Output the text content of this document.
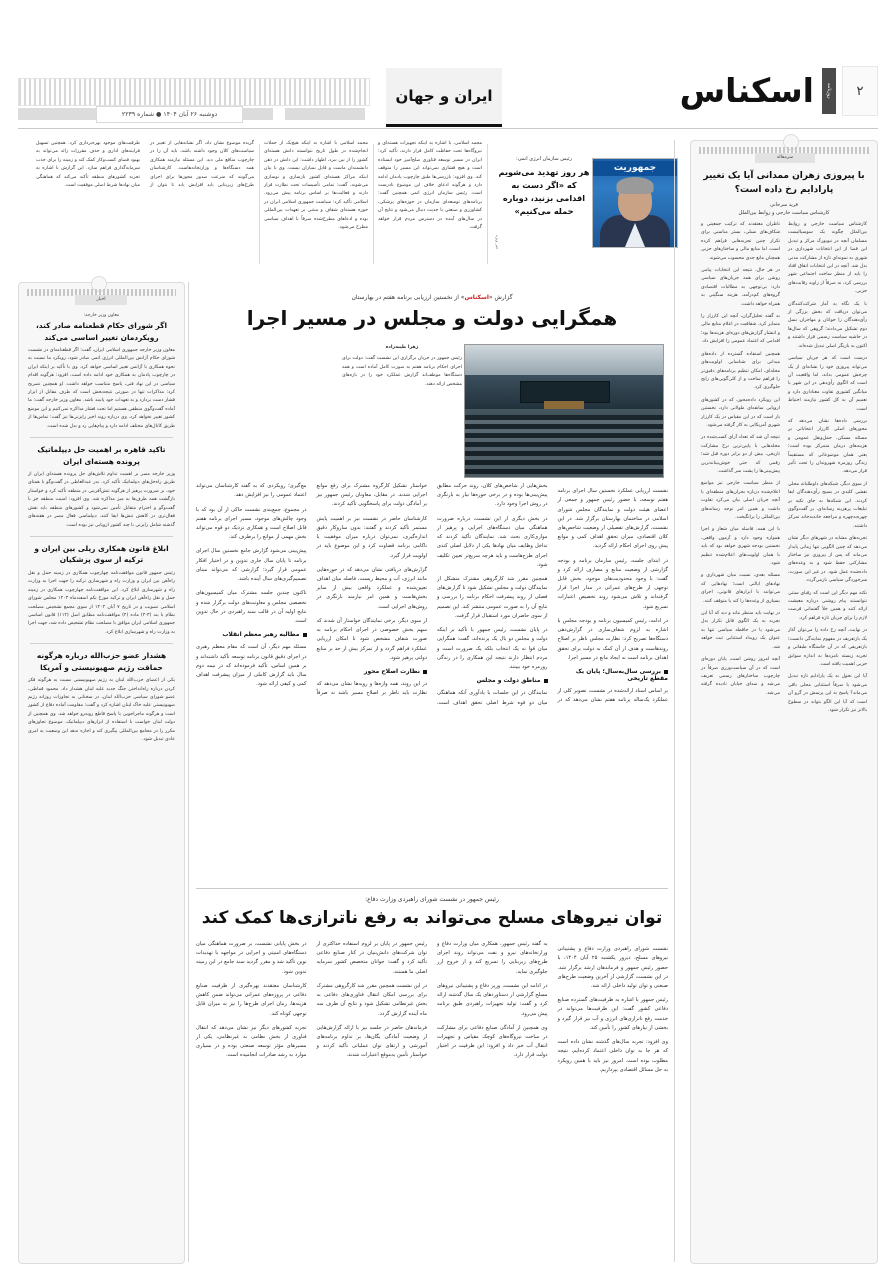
دوشنبه ۲۶ آبان ۱۴۰۴ ● شماره ۲۲۳۹
ایران و جهان	۲
روزنامه
اسکناس
جمهوریت
رئیس سازمان انرژی اتمی:
هر روز تهدید می‌شویم که «اگر دست به اقدامی بزنید، دوباره حمله می‌کنیم»
خبر ویژه
محمد اسلامی، با اشاره به اینکه تجهیزات هسته‌ای و نیروگاه‌ها تحت حفاظت کامل قرار دارند، تأکید کرد: ایران در مسیر توسعه فناوری صلح‌آمیز خود ایستاده است و هیچ فشاری نمی‌تواند این مسیر را متوقف کند. وی افزود: بازرسی‌ها طبق چارچوب پادمان ادامه دارد و هرگونه ادعای خلاف این موضوع نادرست است. رئیس سازمان انرژی اتمی همچنین گفت: برنامه‌های توسعه‌ای سازمان در حوزه‌های پزشکی، کشاورزی و صنعتی با جدیت دنبال می‌شود و نتایج آن در سال‌های آینده در دسترس مردم قرار خواهد گرفت.
محمد اسلامی با اشاره به اینکه هیچ‌یک از حملات انجام‌شده در طول تاریخ نتوانسته دانش هسته‌ای کشور را از بین ببرد، اظهار داشت: این دانش در ذهن دانشمندان ماست و قابل بمباران نیست. وی با بیان اینکه مراکز هسته‌ای کشور بازسازی و نوسازی می‌شوند، گفت: تمامی تأسیسات تحت نظارت قرار دارند و فعالیت‌ها بر اساس برنامه پیش می‌رود. اسلامی تأکید کرد: سیاست جمهوری اسلامی ایران در حوزه هسته‌ای شفاف و مبتنی بر تعهدات بین‌المللی بوده و ادعاهای مطرح‌شده صرفاً با اهداف سیاسی مطرح می‌شود.
گزیده موضوع نشان داد، اگر نشانه‌هایی از تغییر در سیاست‌های کلان وجود داشته باشد، باید آن را در چارچوب منافع ملی دید. این مسئله نیازمند همکاری همه دستگاه‌ها و وزارتخانه‌هاست. کارشناسان می‌گویند که سرعت صدور مجوزها برای اجرای طرح‌های زیربنایی باید افزایش یابد تا بتوان از ظرفیت‌های موجود بهره‌برداری کرد. همچنین تسهیل فرایندهای اداری و حذف مقررات زائد می‌تواند به بهبود فضای کسب‌وکار کمک کند و زمینه را برای جذب سرمایه‌گذاری فراهم سازد. این گزارش با اشاره به تجربه کشورهای منطقه تأکید می‌کند که هماهنگی میان نهادها شرط اصلی موفقیت است.
سرمقاله
با پیروزی زهران ممدانی آیا یک تغییر پارادایم رخ داده است؟
فرید سرجانی
کارشناس سیاست خارجی و روابط بین‌الملل

کارشناس سیاست خارجی و روابط بین‌الملل چگونه یک سوسیالیست مسلمان آنچه در نیویورک مرکز و تبدیل این فضا از این انتخابات شهرداری در شهری به نمونه‌ای تازه از مشارکت مدنی بدل شد. آنچه در این انتخابات اتفاق افتاد را باید از منظر ساخت اجتماعی شهر بررسی کرد، نه صرفاً از زاویه رقابت‌های حزبی.

با یک نگاه به آمار شرکت‌کنندگان می‌توان دریافت که بخش بزرگی از رأی‌دهندگان را جوانان و مهاجران نسل دوم تشکیل می‌دادند؛ گروهی که سال‌ها در حاشیه سیاست رسمی قرار داشتند و اکنون به بازیگر اصلی تبدیل شده‌اند.

درست است که هر جریان سیاسی می‌تواند پیروزی خود را نشانه‌ای از یک چرخش عمومی بداند، اما واقعیت آن است که الگوی رأی‌دهی در این شهر با میانگین کشوری تفاوت معناداری دارد و تعمیم آن به کل کشور نیازمند احتیاط است.

بررسی داده‌ها نشان می‌دهد که محورهای اصلی کارزار انتخاباتی بر مسئله مسکن، حمل‌ونقل عمومی و هزینه‌های درمان متمرکز بوده است؛ یعنی همان موضوعاتی که مستقیماً زندگی روزمره شهروندان را تحت تأثیر قرار می‌دهد.

از سوی دیگر، شبکه‌های داوطلبانه محلی نقشی کلیدی در بسیج رأی‌دهندگان ایفا کردند. این شبکه‌ها به جای تکیه بر تبلیغات پرهزینه رسانه‌ای، بر گفت‌وگوی چهره‌به‌چهره و مراجعه خانه‌به‌خانه تمرکز داشتند.

تجربه‌های مشابه در شهرهای دیگر نشان می‌دهد که چنین الگویی تنها زمانی پایدار می‌ماند که پس از پیروزی نیز ساختار مشارکتی حفظ شود و به وعده‌های داده‌شده عمل شود. در غیر این صورت، سرخوردگی سیاسی بازمی‌گردد.

نکته مهم دیگر این است که رقبای سنتی نتوانستند پیام روشنی درباره معیشت ارائه کنند و همین خلأ گفتمانی فرصت لازم را برای جریان تازه فراهم کرد.

در نهایت، آنچه رخ داده را می‌توان آغاز یک بازتعریف در مفهوم نمایندگی دانست؛ بازتعریفی که در آن خاستگاه طبقاتی و تجربه زیسته نامزدها به اندازه سوابق حزبی اهمیت یافته است.

آیا این تحول به یک پارادایم تازه تبدیل می‌شود یا صرفاً استثنایی محلی باقی می‌ماند؟ پاسخ به این پرسش در گرو آن است که آیا این الگو بتواند در سطوح بالاتر نیز تکرار شود.

ناظران معتقدند که ترکیب جمعیتی و شکاف‌های نسلی، بستر مناسبی برای تکرار چنین تجربه‌هایی فراهم کرده است، اما منابع مالی و ساختارهای حزبی همچنان مانع جدی محسوب می‌شوند.

در هر حال، نتیجه این انتخابات پیامی روشن برای همه جریان‌های سیاسی دارد: بی‌توجهی به مطالبات اقتصادی گروه‌های کم‌درآمد، هزینه سنگینی به همراه خواهد داشت.

به گفته تحلیل‌گران، آنچه این کارزار را متمایز کرد، شفافیت در اعلام منابع مالی و انتشار گزارش‌های دوره‌ای هزینه‌ها بود؛ اقدامی که اعتماد عمومی را افزایش داد.

همچنین استفاده گسترده از داده‌های میدانی برای شناسایی اولویت‌های محله‌ای، امکان تنظیم برنامه‌های دقیق‌تر را فراهم ساخت و از کلی‌گویی‌های رایج جلوگیری کرد.

این رویکرد داده‌محور، که در کشورهای اروپایی سابقه‌ای طولانی دارد، نخستین بار است که در این مقیاس در یک کارزار شهری آمریکایی به کار گرفته می‌شود.

نتیجه آن شد که تعداد آرای کسب‌شده در محله‌هایی با پایین‌ترین نرخ مشارکت تاریخی، بیش از دو برابر دوره قبل شد؛ رقمی که حتی خوش‌بینانه‌ترین پیش‌بینی‌ها را پشت سر گذاشت.

از منظر سیاست خارجی نیز مواضع اعلام‌شده درباره بحران‌های منطقه‌ای با آنچه جریان اصلی بیان می‌کرد تفاوت داشت و همین امر توجه رسانه‌های بین‌المللی را برانگیخت.

با این همه، فاصله میان شعار و اجرا همواره وجود دارد و آزمون واقعی، نخستین بودجه شهری خواهد بود که باید با همان اولویت‌های اعلام‌شده تنظیم شود.

مسئله بعدی، نسبت میان شهرداری و نهادهای ایالتی است؛ نهادهایی که می‌توانند با ابزارهای قانونی، اجرای بسیاری از وعده‌ها را کند یا متوقف کنند.

در نهایت باید منتظر ماند و دید که آیا این تجربه به یک الگوی قابل تکرار بدل می‌شود یا در حافظه سیاسی تنها به عنوان یک رویداد استثنایی ثبت خواهد شد.

آنچه امروز روشن است، پایان دوره‌ای است که در آن سیاست‌ورزی صرفاً در چارچوب ساختارهای رسمی تعریف می‌شد و صدای خیابان نادیده گرفته می‌شد.

اخبار
معاون وزیر خارجه:
اگر شورای حکام قطعنامه صادر کند، رویکردمان تغییر اساسی می‌کند
معاون وزیر خارجه جمهوری اسلامی ایران، گفت: اگر قطعنامه‌ای در نشست شورای حکام آژانس بین‌المللی انرژی اتمی صادر شود، رویکرد ما نسبت به نحوه همکاری با آژانس تغییر اساسی خواهد کرد. وی با تأکید بر اینکه ایران در چارچوب پادمان به همکاری خود ادامه داده است، افزود: هرگونه اقدام سیاسی در این نهاد فنی، پاسخ متناسب خواهد داشت. او همچنین تصریح کرد: مذاکرات تنها در صورتی نتیجه‌بخش است که طرف مقابل از ابزار فشار دست بردارد و به تعهدات خود پایبند باشد. معاون وزیر خارجه گفت: ما آماده گفت‌وگوی منطقی هستیم اما تحت فشار مذاکره نمی‌کنیم و این موضع کشور تغییر نخواهد کرد. وی درباره روند اخیر رایزنی‌ها نیز گفت: تماس‌ها از طریق کانال‌های مختلف ادامه دارد و پیام‌هایی رد و بدل شده است.
تاکید قاهره بر اهمیت حل دیپلماتیک پرونده هسته‌ای ایران
وزیر خارجه مصر بر اهمیت تداوم تلاش‌های حل پرونده هسته‌ای ایران از طریق راه‌حل‌های دیپلماتیک تأکید کرد. بدر عبدالعاطی در گفت‌وگو با همتای خود، بر ضرورت پرهیز از هرگونه تنش‌آفرینی در منطقه تأکید کرد و خواستار بازگشت همه طرف‌ها به میز مذاکره شد. وی افزود: امنیت منطقه جز با گفت‌وگو و احترام متقابل تأمین نمی‌شود و کشورهای منطقه باید نقش فعال‌تری در کاهش تنش‌ها ایفا کنند. دیپلماسی فعال مصر در هفته‌های گذشته شامل رایزنی با چند کشور اروپایی نیز بوده است.
ابلاغ قانون همکاری ریلی بین ایران و ترکیه از سوی پزشکیان
رئیس جمهور قانون موافقت‌نامه چهارچوب همکاری در زمینه حمل و نقل راه‌آهن بین ایران و وزارت راه و شهرسازی ترکیه را جهت اجرا به وزارت راه و شهرسازی ابلاغ کرد. این موافقت‌نامه چهارچوب همکاری در زمینه حمل و نقل راه‌آهن ایران و ترکیه مورخ یکم اسفندماه ۱۴۰۳ مجلس شورای اسلامی تصویب و در تاریخ ۷ آبان ۱۴۰۴ از سوی مجمع تشخیص مصلحت نظام با بند (۳-۴) ماده (۴) موافقت‌نامه مطابق اصل (۱۱۲) قانون اساسی جمهوری اسلامی ایران موافق با مصلحت نظام تشخیص داده شد، جهت اجرا به وزارت راه و شهرسازی ابلاغ کرد.
هشدار عضو حزب‌الله درباره هرگونه حماقت رژیم صهیونیستی و آمریکا
یکی از اعضای حزب‌الله لبنان به رژیم صهیونیستی نسبت به هرگونه فکر کردن درباره راه‌انداختن جنگ جدید علیه لبنان هشدار داد. محمود قماطی، عضو شورای سیاسی حزب‌الله لبنان، در سخنانی به تجاوزات روزانه رژیم صهیونیستی علیه خاک لبنان اشاره کرد و گفت: مقاومت آماده دفاع از کشور است و هرگونه ماجراجویی با پاسخ قاطع روبه‌رو خواهد شد. وی همچنین از دولت لبنان خواست با استفاده از ابزارهای دیپلماتیک، موضوع تجاوزهای مکرر را در مجامع بین‌المللی پیگیری کند و اجازه ندهد این وضعیت به امری عادی تبدیل شود.
گزارش «اسکناس» از نخستین ارزیابی برنامه هفتم در بهارستان
همگرایی دولت و مجلس در مسیر اجرا
زهرا طیبه‌زاده
رئیس جمهور در جریان برگزاری این نشست گفت: دولت برای اجرای احکام برنامه هفتم به صورت کامل آماده است و همه دستگاه‌ها موظف‌اند گزارش عملکرد خود را در بازه‌های مشخص ارائه دهند.

نشست ارزیابی عملکرد نخستین سال اجرای برنامه هفتم توسعه، با حضور رئیس جمهور و جمعی از اعضای هیئت دولت و نمایندگان مجلس شورای اسلامی در ساختمان بهارستان برگزار شد. در این نشست، گزارش‌های تفصیلی از وضعیت شاخص‌های کلان اقتصادی، میزان تحقق اهداف کمی و موانع پیش روی اجرای احکام ارائه گردید.

در ابتدای جلسه، رئیس سازمان برنامه و بودجه گزارشی از وضعیت منابع و مصارف ارائه کرد و گفت: با وجود محدودیت‌های موجود، بخش قابل توجهی از طرح‌های عمرانی در مدار اجرا قرار گرفته‌اند و تلاش می‌شود روند تخصیص اعتبارات تسریع شود.

در ادامه، رئیس کمیسیون برنامه و بودجه مجلس با اشاره به لزوم شفاف‌سازی در گزارش‌دهی دستگاه‌ها تصریح کرد: نظارت مجلس ناظر بر اصلاح روندهاست و هدف از آن کمک به دولت برای تحقق اهداف برنامه است نه ایجاد مانع در مسیر اجرا.

بررسی سال‌به‌سال؛ پایان یک مقطع تاریخی

بر اساس اسناد ارائه‌شده در نشست، تصویر کلی از عملکرد یک‌ساله برنامه هفتم نشان می‌دهد که در بخش‌هایی از شاخص‌های کلان، روند حرکت مطابق پیش‌بینی‌ها بوده و در برخی حوزه‌ها نیاز به بازنگری در روش اجرا وجود دارد.

در بخش دیگری از این نشست، درباره ضرورت هماهنگی میان دستگاه‌های اجرایی و پرهیز از موازی‌کاری بحث شد. نمایندگان تأکید کردند که تداخل وظایف میان نهادها یکی از دلایل اصلی کندی اجرای طرح‌هاست و باید هرچه سریع‌تر تعیین تکلیف شود.

همچنین مقرر شد کارگروهی مشترک متشکل از نمایندگان دولت و مجلس تشکیل شود تا گزارش‌های فصلی از روند پیشرفت احکام برنامه را بررسی و نتایج آن را به صورت عمومی منتشر کند. این تصمیم از سوی حاضران مورد استقبال قرار گرفت.

در پایان نشست، رئیس جمهور با تأکید بر اینکه دولت و مجلس دو بال یک پرنده‌اند، گفت: همگرایی میان قوا نه یک انتخاب بلکه یک ضرورت است و مردم انتظار دارند نتیجه این همکاری را در زندگی روزمره خود ببینند.

مناطق دولت و مجلس

نمایندگان در این جلسات با یادآوری آنکه هماهنگی میان دو قوه شرط اصلی تحقق اهداف است، خواستار تشکیل کارگروه مشترک برای رفع موانع اجرایی شدند. در مقابل، معاونان رئیس جمهور نیز بر آمادگی دولت برای پاسخگویی تأکید کردند.

کارشناسان حاضر در نشست نیز بر اهمیت پایش مستمر تأکید کردند و گفتند: بدون سازوکار دقیق اندازه‌گیری، نمی‌توان درباره میزان موفقیت یا ناکامی برنامه قضاوت کرد و این موضوع باید در اولویت قرار گیرد.

گزارش‌های دریافتی نشان می‌دهد که در حوزه‌هایی مانند انرژی، آب و محیط زیست، فاصله میان اهداف تعیین‌شده و عملکرد واقعی بیش از سایر بخش‌هاست و همین امر نیازمند بازنگری در روش‌های اجرایی است.

از سوی دیگر، برخی نمایندگان خواستار آن شدند که سهم بخش خصوصی در اجرای احکام برنامه به صورت شفاف مشخص شود تا امکان ارزیابی عملکرد فراهم گردد و از تمرکز بیش از حد بر منابع دولتی پرهیز شود.

نظارت اصلاح محور

در این روند، همه واژه‌ها و رویه‌ها نشان می‌دهد که نظارت باید ناظر بر اصلاح مسیر باشد نه صرفاً مچ‌گیری؛ رویکردی که به گفته کارشناسان می‌تواند اعتماد عمومی را نیز افزایش دهد.

در مجموع، جمع‌بندی نشست حاکی از آن بود که با وجود چالش‌های موجود، مسیر اجرای برنامه هفتم قابل اصلاح است و همکاری نزدیک دو قوه می‌تواند بخش مهمی از موانع را برطرف کند.

پیش‌بینی می‌شود گزارش جامع نخستین سال اجرای برنامه تا پایان سال جاری تدوین و در اختیار افکار عمومی قرار گیرد؛ گزارشی که می‌تواند مبنای تصمیم‌گیری‌های سال آینده باشد.

تاکنون چندین جلسه مشترک میان کمیسیون‌های تخصصی مجلس و معاونت‌های دولت برگزار شده و نتایج اولیه آن در قالب سند راهبردی در حال تدوین است.

مطالبه رهبر معظم انقلاب

مسئله مهم دیگر، آن است که مقام معظم رهبری در اجرای دقیق قانون برنامه توسعه تأکید داشته‌اند و بر همین اساس، تأکید فرموده‌اند که در نیمه دوم سال باید گزارش کاملی از میزان پیشرفت اهداف کمی و کیفی ارائه شود.

رئیس جمهور در نشست شورای راهبردی وزارت دفاع:
توان نیروهای مسلح می‌تواند به رفع ناترازی‌ها کمک کند

نشست شورای راهبردی وزارت دفاع و پشتیبانی نیروهای مسلح، دیروز یکشنبه ۲۵ آبان ۱۴۰۴، با حضور رئیس جمهور و فرماندهان ارشد برگزار شد. در این نشست، گزارشی از آخرین وضعیت طرح‌های صنعتی و توان تولید داخلی ارائه شد.

رئیس جمهور با اشاره به ظرفیت‌های گسترده صنایع دفاعی کشور گفت: این ظرفیت‌ها می‌تواند در خدمت رفع ناترازی‌های انرژی و آب نیز قرار گیرد و بخشی از نیازهای کشور را تأمین کند.

وی افزود: تجربه سال‌های گذشته نشان داده است که هر جا به توان داخلی اعتماد کرده‌ایم، نتیجه مطلوب بوده است. امروز نیز باید با همین رویکرد به حل مسائل اقتصادی بپردازیم.

به گفته رئیس جمهور، همکاری میان وزارت دفاع و وزارتخانه‌های نیرو و نفت می‌تواند روند اجرای طرح‌های زیربنایی را تسریع کند و از خروج ارز جلوگیری نماید.

در ادامه این نشست، وزیر دفاع و پشتیبانی نیروهای مسلح گزارشی از دستاوردهای یک سال گذشته ارائه کرد و گفت: تولید تجهیزات راهبردی طبق برنامه پیش می‌رود.

وی همچنین از آمادگی صنایع دفاعی برای مشارکت در ساخت نیروگاه‌های کوچک مقیاس و تجهیزات انتقال آب خبر داد و افزود: این ظرفیت در اختیار دولت قرار دارد.

رئیس جمهور در پایان بر لزوم استفاده حداکثری از توان شرکت‌های دانش‌بنیان در کنار صنایع دفاعی تأکید کرد و گفت: جوانان متخصص کشور سرمایه اصلی ما هستند.

در این نشست همچنین مقرر شد کارگروهی مشترک برای بررسی امکان انتقال فناوری‌های دفاعی به بخش غیرنظامی تشکیل شود و نتایج آن ظرف سه ماه آینده گزارش گردد.

فرماندهان حاضر در جلسه نیز با ارائه گزارش‌هایی از وضعیت آمادگی یگان‌ها، بر تداوم برنامه‌های آموزشی و ارتقای توان عملیاتی تأکید کردند و خواستار تأمین به‌موقع اعتبارات شدند.

در بخش پایانی نشست، بر ضرورت هماهنگی میان دستگاه‌های امنیتی و اجرایی در مواجهه با تهدیدات نوین تأکید شد و مقرر گردید سند جامع در این زمینه تدوین شود.

کارشناسان معتقدند بهره‌گیری از ظرفیت صنایع دفاعی در پروژه‌های عمرانی می‌تواند ضمن کاهش هزینه‌ها، زمان اجرای طرح‌ها را نیز به میزان قابل توجهی کوتاه کند.

تجربه کشورهای دیگر نیز نشان می‌دهد که انتقال فناوری از بخش نظامی به غیرنظامی، یکی از مسیرهای مؤثر توسعه صنعتی بوده و در بسیاری موارد به رشد صادرات انجامیده است.
